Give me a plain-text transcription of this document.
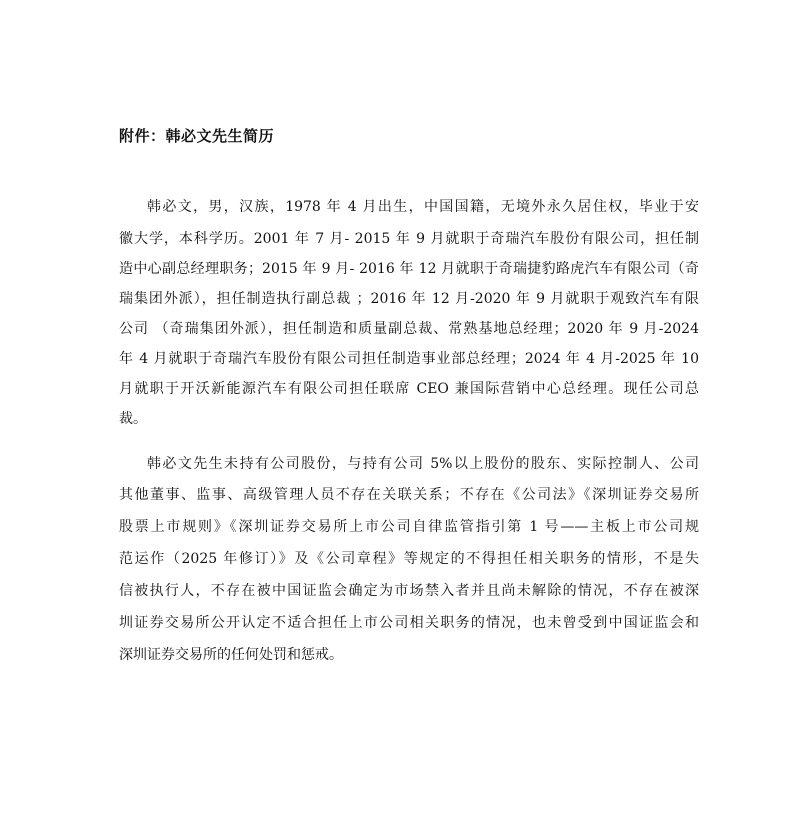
附件：韩必文先生简历
韩必文，男，汉族，1978 年 4 月出生，中国国籍，无境外永久居住权，毕业于安
徽大学，本科学历。2001 年 7 月- 2015 年 9 月就职于奇瑞汽车股份有限公司，担任制
造中心副总经理职务；2015 年 9 月- 2016 年 12 月就职于奇瑞捷豹路虎汽车有限公司（奇
瑞集团外派），担任制造执行副总裁 ；2016 年 12 月-2020 年 9 月就职于观致汽车有限
公司 （奇瑞集团外派），担任制造和质量副总裁、常熟基地总经理；2020 年 9 月-2024
年 4 月就职于奇瑞汽车股份有限公司担任制造事业部总经理；2024 年 4 月-2025 年 10
月就职于开沃新能源汽车有限公司担任联席 CEO 兼国际营销中心总经理。现任公司总
裁。
韩必文先生未持有公司股份，与持有公司 5%以上股份的股东、实际控制人、公司
其他董事、监事、高级管理人员不存在关联关系；不存在《公司法》《深圳证券交易所
股票上市规则》《深圳证券交易所上市公司自律监管指引第 1 号——主板上市公司规
范运作（2025 年修订）》及《公司章程》等规定的不得担任相关职务的情形，不是失
信被执行人，不存在被中国证监会确定为市场禁入者并且尚未解除的情况，不存在被深
圳证券交易所公开认定不适合担任上市公司相关职务的情况，也未曾受到中国证监会和
深圳证券交易所的任何处罚和惩戒。
